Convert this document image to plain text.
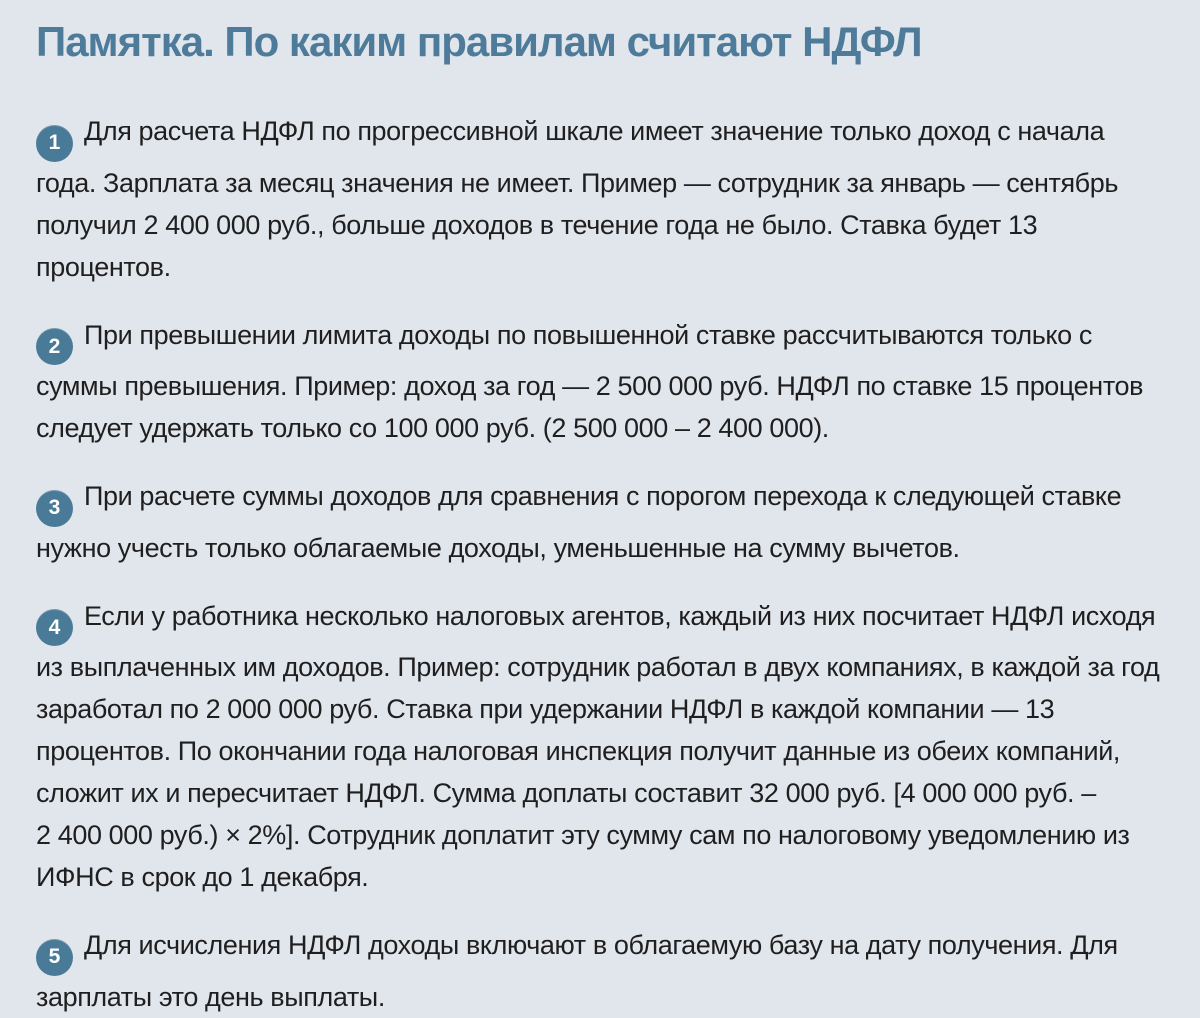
Памятка. По каким правилам считают НДФЛ
1 Для расчета НДФЛ по прогрессивной шкале имеет значение только доход с начала года. Зарплата за месяц значения не имеет. Пример — сотрудник за январь — сентябрь получил 2 400 000 руб., больше доходов в течение года не было. Ставка будет 13 процентов.
2 При превышении лимита доходы по повышенной ставке рассчитываются только с суммы превышения. Пример: доход за год — 2 500 000 руб. НДФЛ по ставке 15 процентов следует удержать только со 100 000 руб. (2 500 000 – 2 400 000).
3 При расчете суммы доходов для сравнения с порогом перехода к следующей ставке нужно учесть только облагаемые доходы, уменьшенные на сумму вычетов.
4 Если у работника несколько налоговых агентов, каждый из них посчитает НДФЛ исходя из выплаченных им доходов. Пример: сотрудник работал в двух компаниях, в каждой за год заработал по 2 000 000 руб. Ставка при удержании НДФЛ в каждой компании — 13 процентов. По окончании года налоговая инспекция получит данные из обеих компаний, сложит их и пересчитает НДФЛ. Сумма доплаты составит 32 000 руб. [4 000 000 руб. – 2 400 000 руб.) × 2%]. Сотрудник доплатит эту сумму сам по налоговому уведомлению из ИФНС в срок до 1 декабря.
5 Для исчисления НДФЛ доходы включают в облагаемую базу на дату получения. Для зарплаты это день выплаты.
